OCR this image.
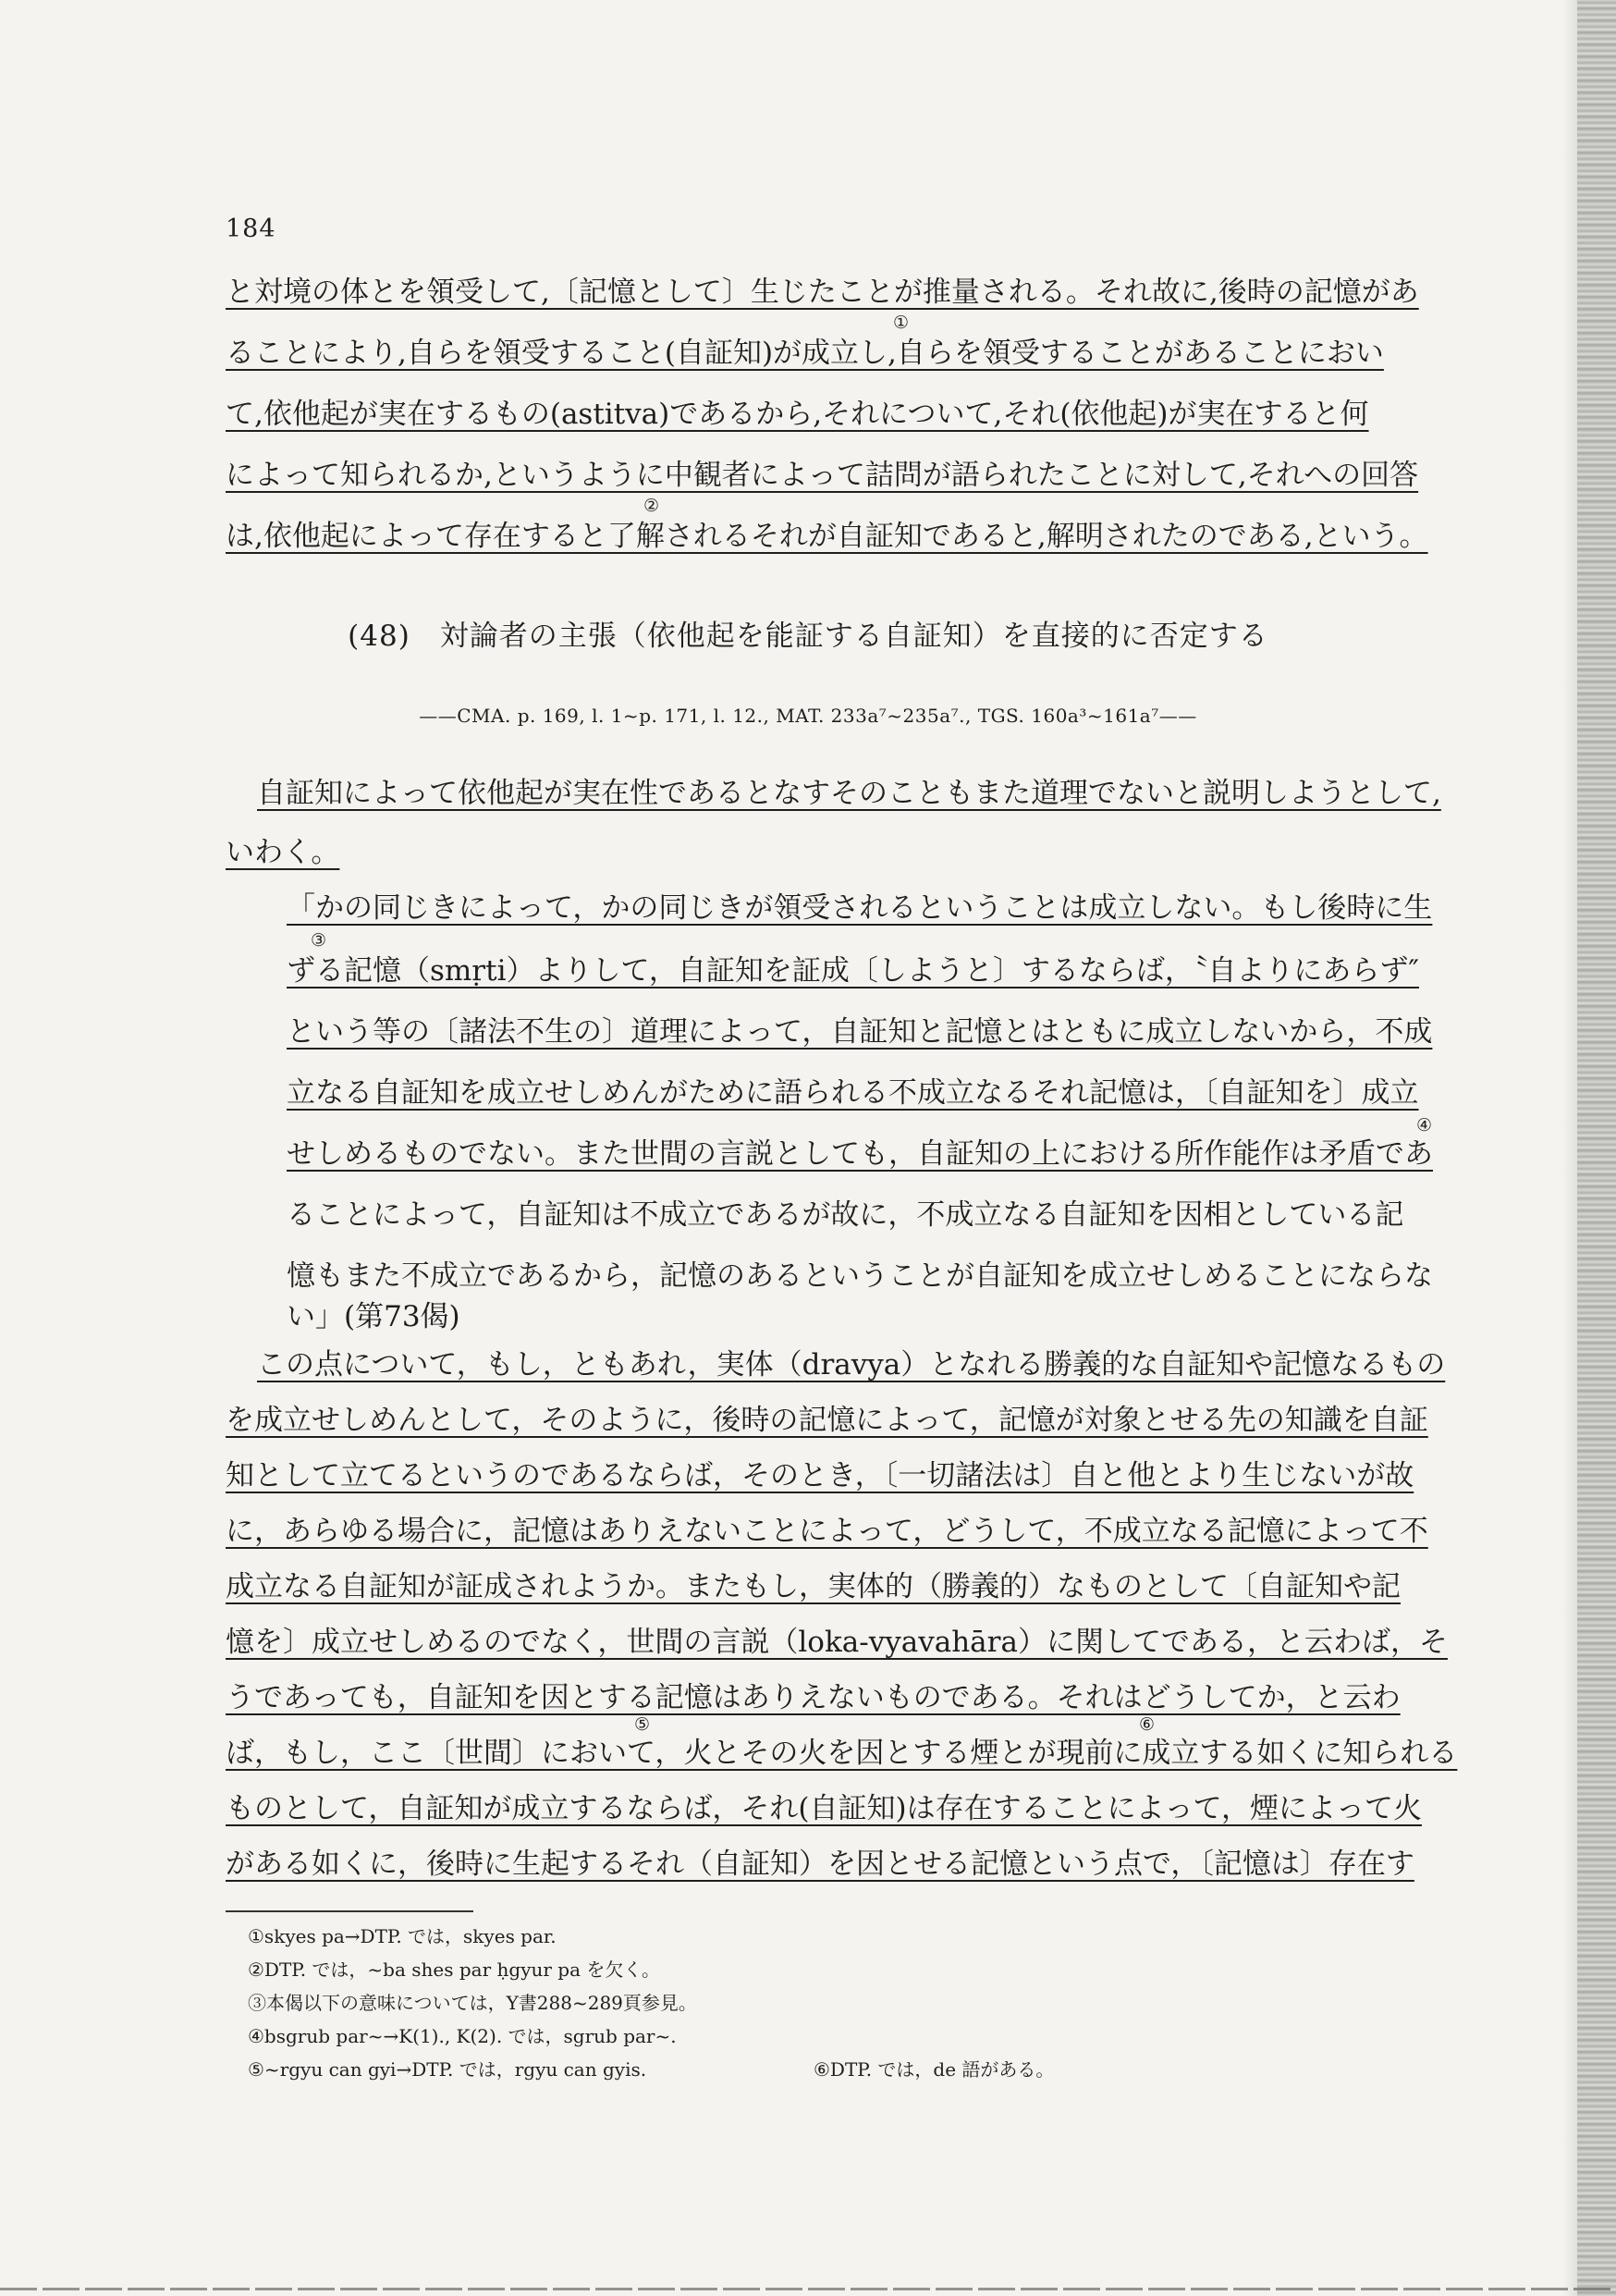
184

と対境の体とを領受して,〔記憶として〕生じたことが推量される。それ故に,後時の記憶があ

ることにより,自らを領受すること(自証知)が成立し,自らを領受することがあることにおい

て,依他起が実在するもの(astitva)であるから,それについて,それ(依他起)が実在すると何

によって知られるか,というように中観者によって詰問が語られたことに対して,それへの回答

は,依他起によって存在すると了解されるそれが自証知であると,解明されたのである,という。

①
②
(48)　対論者の主張（依他起を能証する自証知）を直接的に否定する
——CMA. p. 169, l. 1~p. 171, l. 12., MAT. 233a⁷~235a⁷., TGS. 160a³~161a⁷——

自証知によって依他起が実在性であるとなすそのこともまた道理でないと説明しようとして,

いわく。

「かの同じきによって，かの同じきが領受されるということは成立しない。もし後時に生

ずる記憶（smṛti）よりして，自証知を証成〔しようと〕するならば，〝自よりにあらず″

という等の〔諸法不生の〕道理によって，自証知と記憶とはともに成立しないから，不成

立なる自証知を成立せしめんがために語られる不成立なるそれ記憶は，〔自証知を〕成立

せしめるものでない。また世間の言説としても，自証知の上における所作能作は矛盾であ

ることによって，自証知は不成立であるが故に，不成立なる自証知を因相としている記

憶もまた不成立であるから，記憶のあるということが自証知を成立せしめることにならな

い」(第73偈)

③
④

この点について，もし，ともあれ，実体（dravya）となれる勝義的な自証知や記憶なるもの

を成立せしめんとして，そのように，後時の記憶によって，記憶が対象とせる先の知識を自証

知として立てるというのであるならば，そのとき，〔一切諸法は〕自と他とより生じないが故

に，あらゆる場合に，記憶はありえないことによって，どうして，不成立なる記憶によって不

成立なる自証知が証成されようか。またもし，実体的（勝義的）なものとして〔自証知や記

憶を〕成立せしめるのでなく，世間の言説（loka-vyavahāra）に関してである，と云わば，そ

うであっても，自証知を因とする記憶はありえないものである。それはどうしてか，と云わ

ば，もし，ここ〔世間〕において，火とその火を因とする煙とが現前に成立する如くに知られる

ものとして，自証知が成立するならば，それ(自証知)は存在することによって，煙によって火

⑤	⑥

①skyes pa→DTP. では，skyes par.

②DTP. では，~ba shes par ḥgyur pa を欠く。

③本偈以下の意味については，Y書288~289頁参見。

④bsgrub par~→K(1)., K(2). では，sgrub par~.

⑤~rgyu can gyi→DTP. では，rgyu can gyis.	⑥DTP. では，de 語がある。

がある如くに，後時に生起するそれ（自証知）を因とせる記憶という点で，〔記憶は〕存在す
